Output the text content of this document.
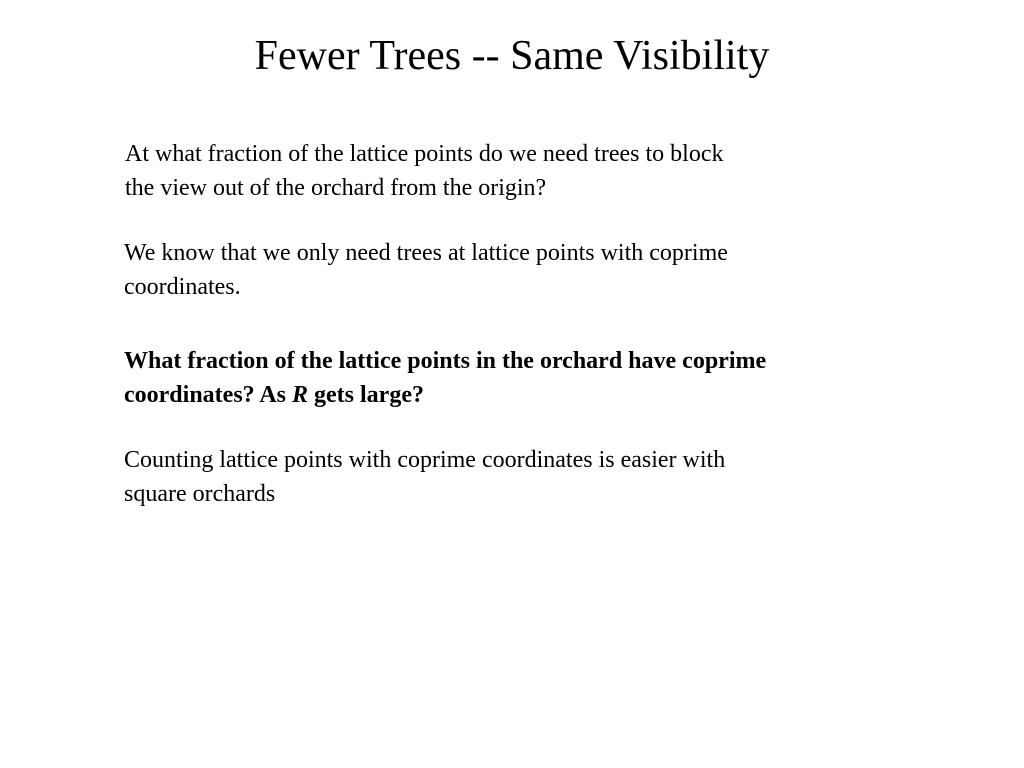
Fewer Trees -- Same Visibility

At what fraction of the lattice points do we need trees to block
the view out of the orchard from the origin?

We know that we only need trees at lattice points with coprime
coordinates.

What fraction of the lattice points in the orchard have coprime
coordinates? As R gets large?

Counting lattice points with coprime coordinates is easier with
square orchards
